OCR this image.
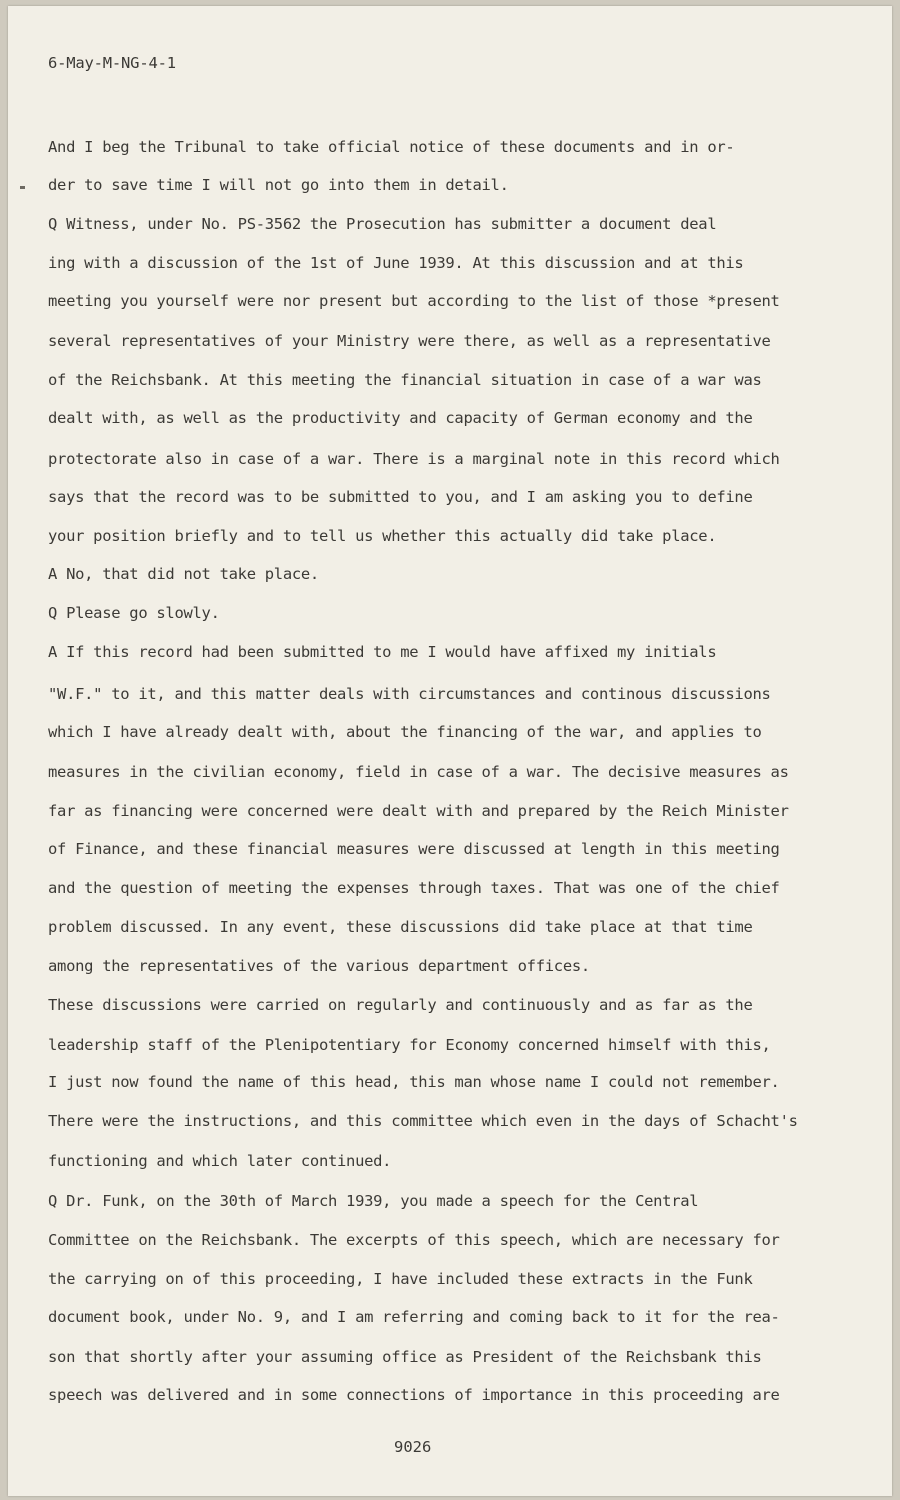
6-May-M-NG-4-1
And I beg the Tribunal to take official notice of these documents and in or-
der to save time I will not go into them in detail.
Q Witness, under No. PS-3562 the Prosecution has submitter a document deal
ing with a discussion of the 1st of June 1939. At this discussion and at this
meeting you yourself were nor present but according to the list of those *present
several representatives of your Ministry were there, as well as a representative
of the Reichsbank. At this meeting the financial situation in case of a war was
dealt with, as well as the productivity and capacity of German economy and the
protectorate also in case of a war. There is a marginal note in this record which
says that the record was to be submitted to you, and I am asking you to define
your position briefly and to tell us whether this actually did take place.
A No, that did not take place.
Q Please go slowly.
A If this record had been submitted to me I would have affixed my initials
"W.F." to it, and this matter deals with circumstances and continous discussions
which I have already dealt with, about the financing of the war, and applies to
measures in the civilian economy, field in case of a war. The decisive measures as
far as financing were concerned were dealt with and prepared by the Reich Minister
of Finance, and these financial measures were discussed at length in this meeting
and the question of meeting the expenses through taxes. That was one of the chief
problem discussed. In any event, these discussions did take place at that time
among the representatives of the various department offices.
These discussions were carried on regularly and continuously and as far as the
leadership staff of the Plenipotentiary for Economy concerned himself with this,
I just now found the name of this head, this man whose name I could not remember.
There were the instructions, and this committee which even in the days of Schacht's
functioning and which later continued.
Q Dr. Funk, on the 30th of March 1939, you made a speech for the Central
Committee on the Reichsbank. The excerpts of this speech, which are necessary for
the carrying on of this proceeding, I have included these extracts in the Funk
document book, under No. 9, and I am referring and coming back to it for the rea-
son that shortly after your assuming office as President of the Reichsbank this
speech was delivered and in some connections of importance in this proceeding are
9026
